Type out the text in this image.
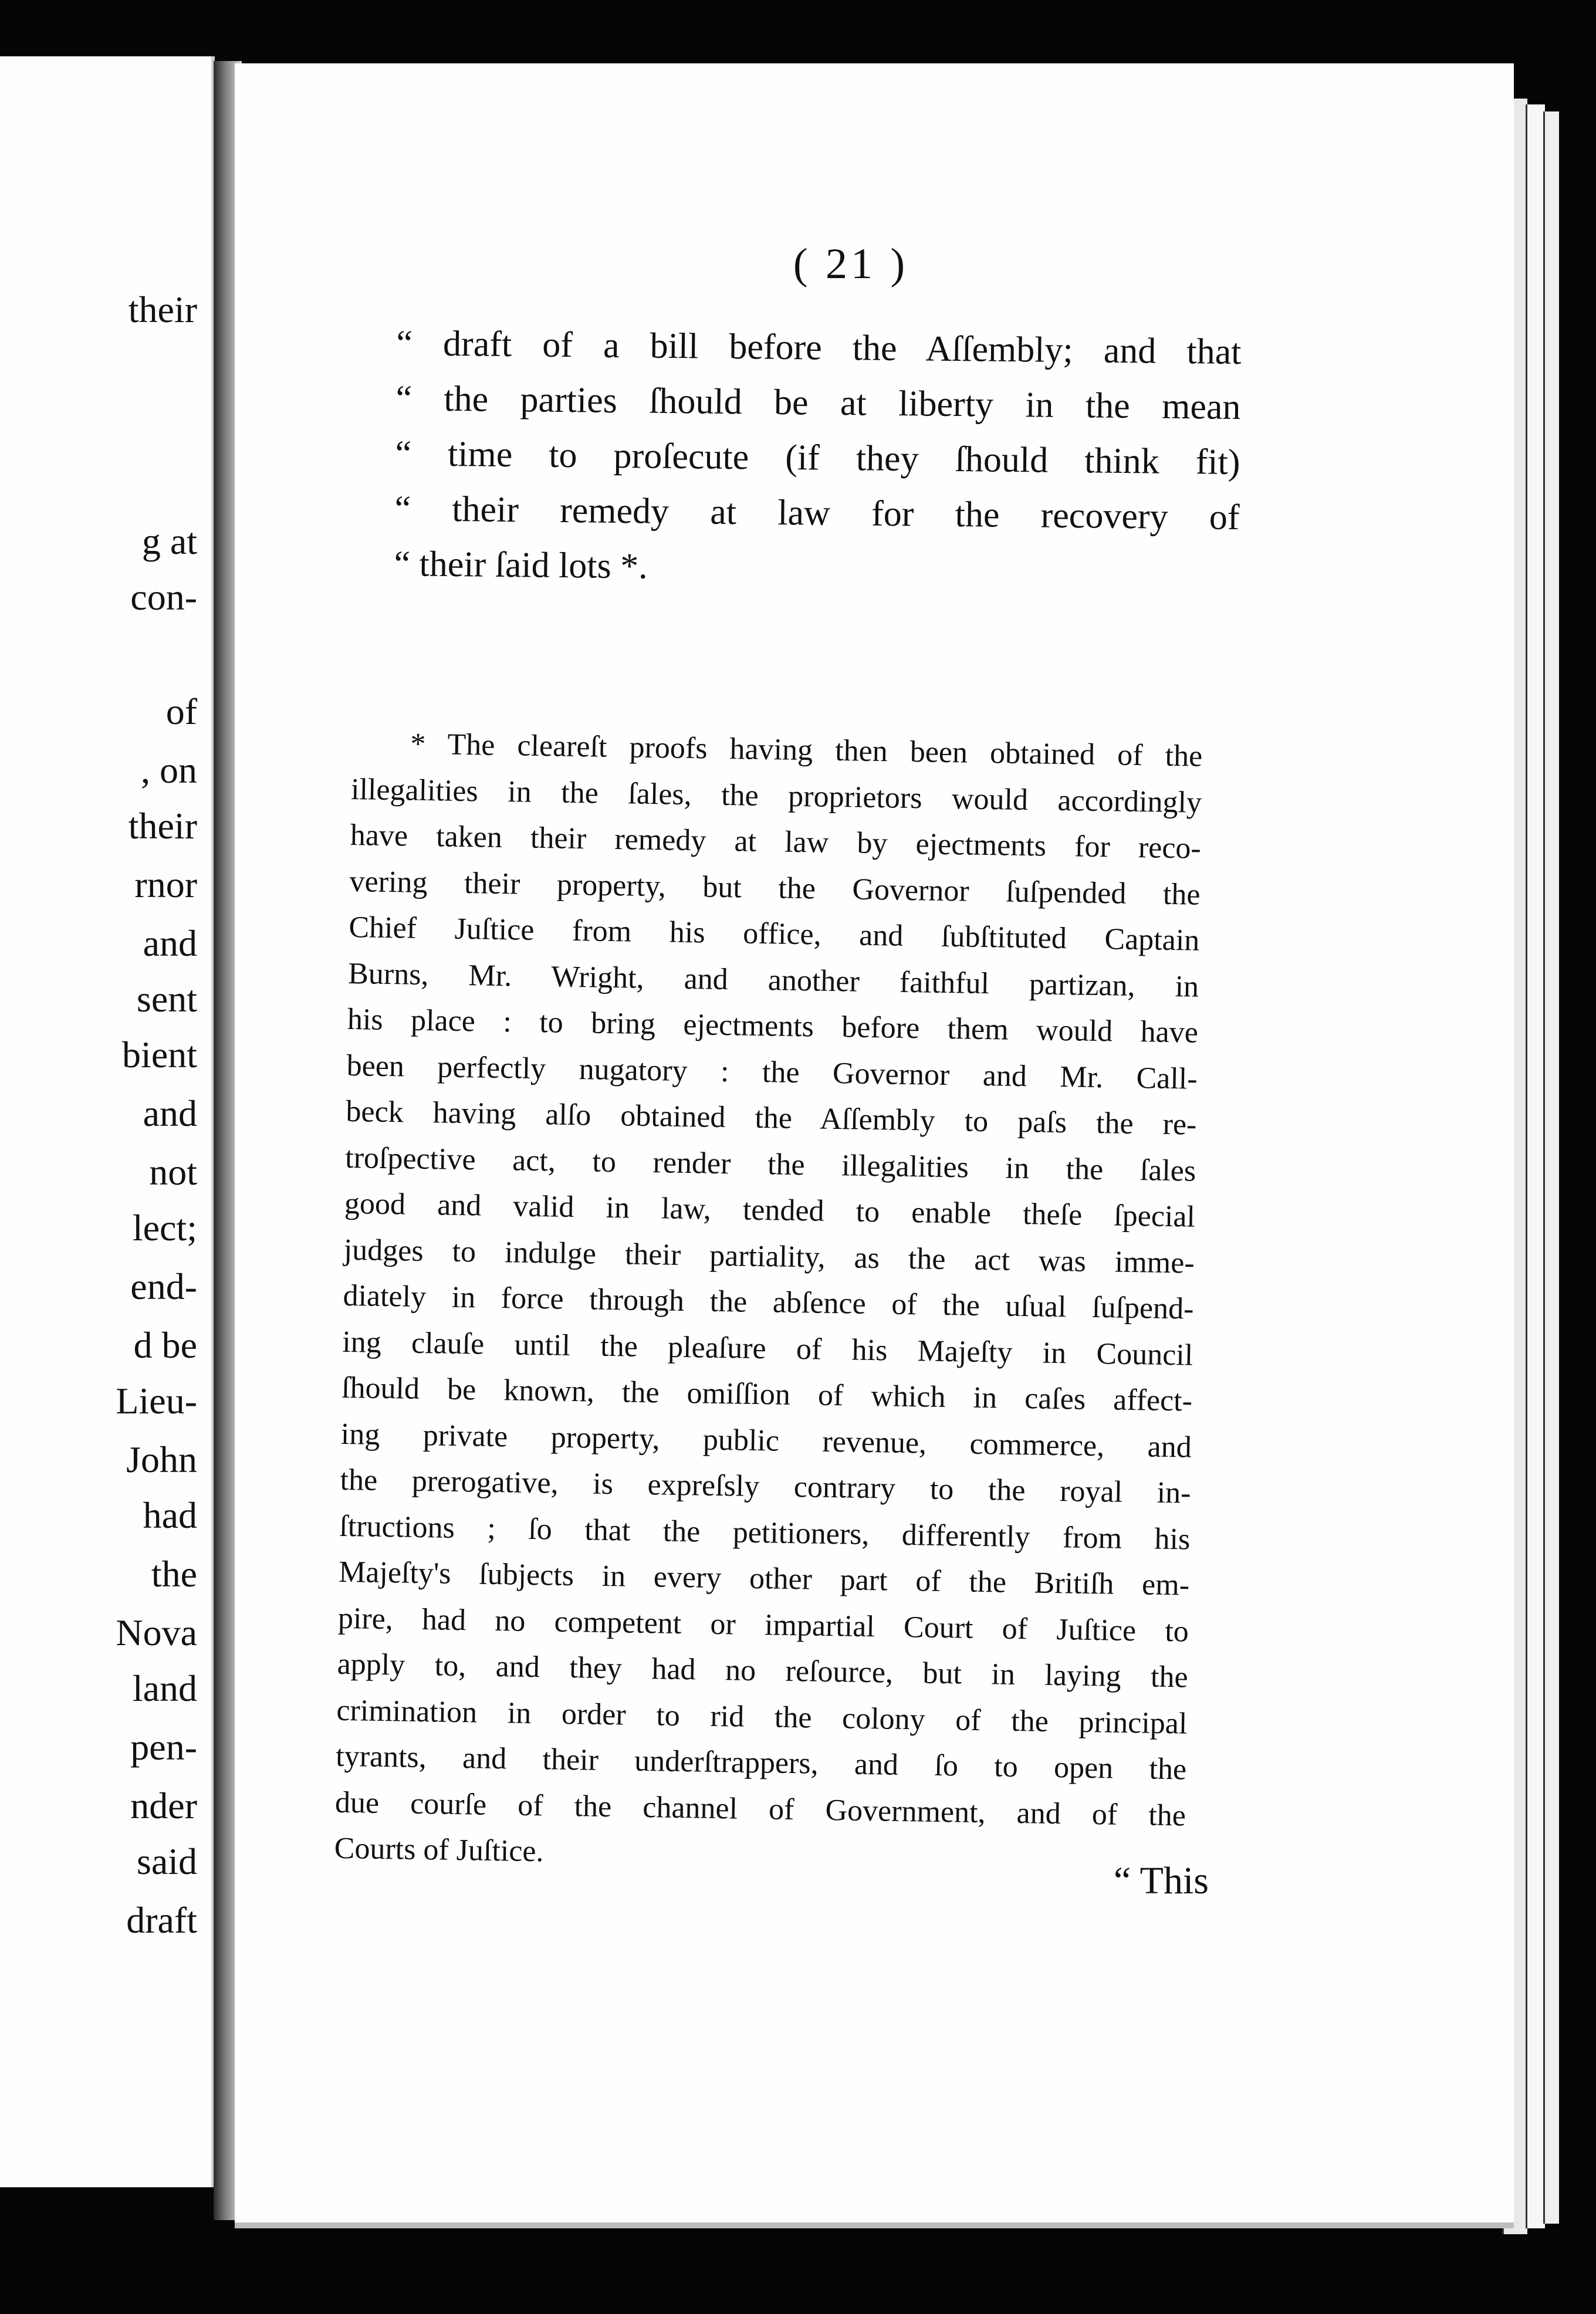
their
g at
con-
of
, on
their
rnor
and
sent
bient
and
not
lect;
end-
d be
Lieu-
John
had
the
Nova
land
pen-
nder
said
draft
( 21 )
“ draft of a bill before the Aſſembly; and that
“ the parties ſhould be at liberty in the mean
“ time to proſecute (if they ſhould think fit)
“ their remedy at law for the recovery of
“ their ſaid lots *.
* The cleareſt proofs having then been obtained of the
illegalities in the ſales, the proprietors would accordingly
have taken their remedy at law by ejectments for reco-
vering their property, but the Governor ſuſpended the
Chief Juſtice from his office, and ſubſtituted Captain
Burns, Mr. Wright, and another faithful partizan, in
his place : to bring ejectments before them would have
been perfectly nugatory : the Governor and Mr. Call-
beck having alſo obtained the Aſſembly to paſs the re-
troſpective act, to render the illegalities in the ſales
good and valid in law, tended to enable theſe ſpecial
judges to indulge their partiality, as the act was imme-
diately in force through the abſence of the uſual ſuſpend-
ing clauſe until the pleaſure of his Majeſty in Council
ſhould be known, the omiſſion of which in caſes affect-
ing private property, public revenue, commerce, and
the prerogative, is expreſsly contrary to the royal in-
ſtructions ; ſo that the petitioners, differently from his
Majeſty's ſubjects in every other part of the Britiſh em-
pire, had no competent or impartial Court of Juſtice to
apply to, and they had no reſource, but in laying the
crimination in order to rid the colony of the principal
tyrants, and their underſtrappers, and ſo to open the
due courſe of the channel of Government, and of the
Courts of Juſtice.
“ This
